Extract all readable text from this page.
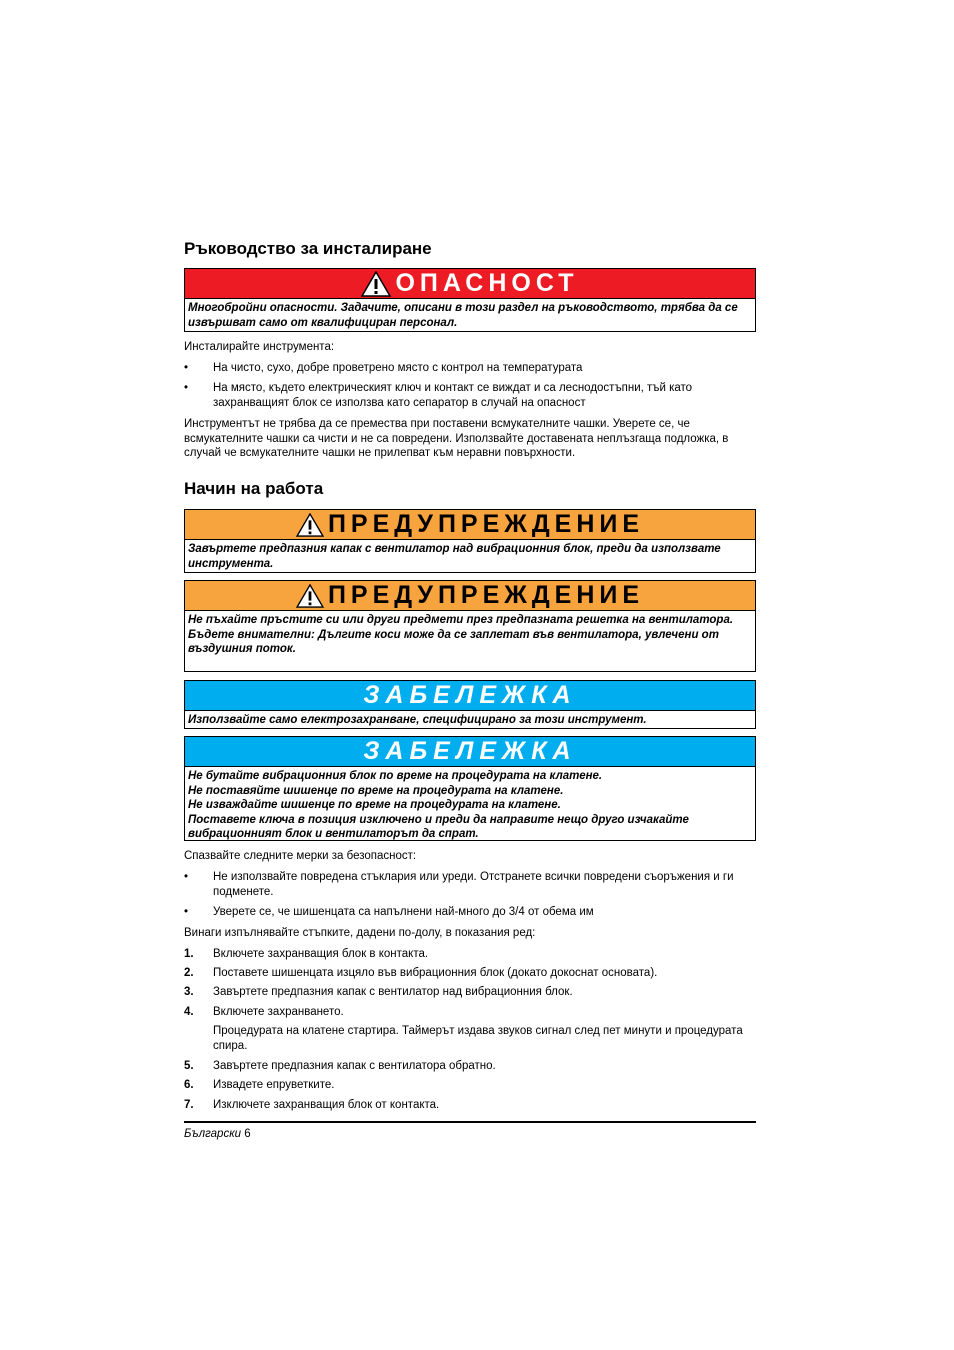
Ръководство за инсталиране
ОПАСНОСТ
Многобройни опасности. Задачите, описани в този раздел на ръководството, трябва да се извършват само от квалифициран персонал.

Инсталирайте инструмента:

•	На чисто, сухо, добре проветрено място с контрол на температурата
•	На място, където електрическият ключ и контакт се виждат и са леснодостъпни, тъй като захранващият блок се използва като сепаратор в случай на опасност

Инструментът не трябва да се премества при поставени всмукателните чашки. Уверете се, че всмукателните чашки са чисти и не са повредени. Използвайте доставената неплъзгаща подложка, в случай че всмукателните чашки не прилепват към неравни повърхности.

Начин на работа
ПРЕДУПРЕЖДЕНИЕ
Завъртете предпазния капак с вентилатор над вибрационния блок, преди да използвате инструмента.
ПРЕДУПРЕЖДЕНИЕ
Не пъхайте пръстите си или други предмети през предпазната решетка на вентилатора.
Бъдете внимателни: Дългите коси може да се заплетат във вентилатора, увлечени от въздушния поток.
ЗАБЕЛЕЖКА
Използвайте само електрозахранване, специфицирано за този инструмент.
ЗАБЕЛЕЖКА
Не бутайте вибрационния блок по време на процедурата на клатене.
Не поставяйте шишенце по време на процедурата на клатене.
Не изваждайте шишенце по време на процедурата на клатене.
Поставете ключа в позиция изключено и преди да направите нещо друго изчакайте вибрационният блок и вентилаторът да спрат.

Спазвайте следните мерки за безопасност:

•	Не използвайте повредена стъклария или уреди. Отстранете всички повредени съоръжения и ги подменете.
•	Уверете се, че шишенцата са напълнени най-много до 3/4 от обема им

Винаги изпълнявайте стъпките, дадени по-долу, в показания ред:

1.	Включете захранващия блок в контакта.
2.	Поставете шишенцата изцяло във вибрационния блок (докато докоснат основата).
3.	Завъртете предпазния капак с вентилатор над вибрационния блок.
4.	Включете захранването.
Процедурата на клатене стартира. Таймерът издава звуков сигнал след пет минути и процедурата спира.
5.	Завъртете предпазния капак с вентилатора обратно.
6.	Извадете епруветките.
7.	Изключете захранващия блок от контакта.
Български 6
